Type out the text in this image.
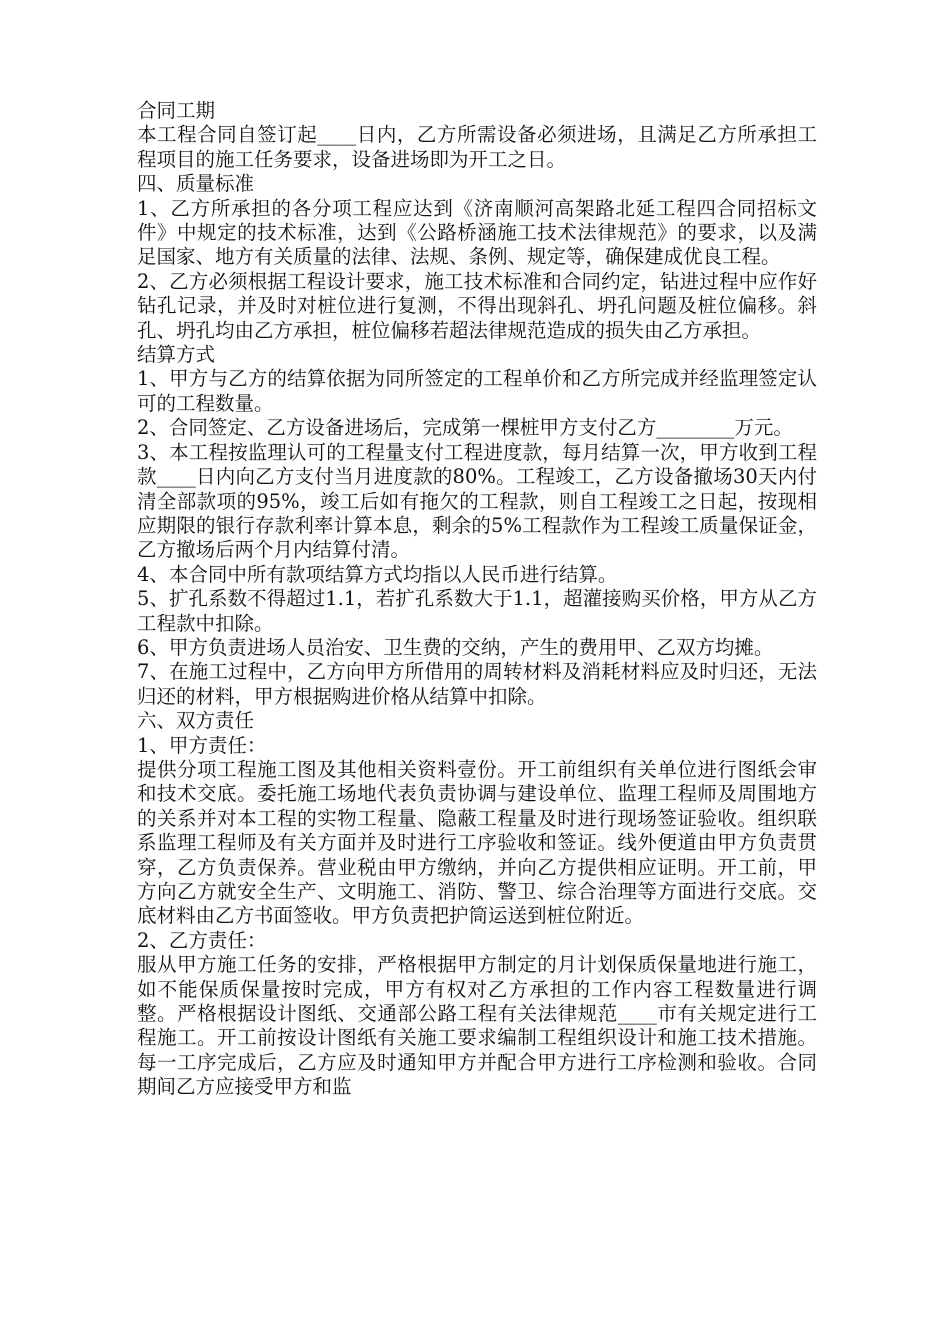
合同工期

本工程合同自签订起____日内，乙方所需设备必须进场，且满足乙方所承担工程项目的施工任务要求，设备进场即为开工之日。

四、质量标准

1、乙方所承担的各分项工程应达到《济南顺河高架路北延工程四合同招标文件》中规定的技术标准，达到《公路桥涵施工技术法律规范》的要求，以及满足国家、地方有关质量的法律、法规、条例、规定等，确保建成优良工程。

2、乙方必须根据工程设计要求，施工技术标准和合同约定，钻进过程中应作好钻孔记录，并及时对桩位进行复测，不得出现斜孔、坍孔问题及桩位偏移。斜孔、坍孔均由乙方承担，桩位偏移若超法律规范造成的损失由乙方承担。

结算方式

1、甲方与乙方的结算依据为同所签定的工程单价和乙方所完成并经监理签定认可的工程数量。

2、合同签定、乙方设备进场后，完成第一棵桩甲方支付乙方________万元。

3、本工程按监理认可的工程量支付工程进度款，每月结算一次，甲方收到工程款____日内向乙方支付当月进度款的80%。工程竣工，乙方设备撤场30天内付清全部款项的95%，竣工后如有拖欠的工程款，则自工程竣工之日起，按现相应期限的银行存款利率计算本息，剩余的5%工程款作为工程竣工质量保证金，乙方撤场后两个月内结算付清。

4、本合同中所有款项结算方式均指以人民币进行结算。

5、扩孔系数不得超过1.1，若扩孔系数大于1.1，超灌接购买价格，甲方从乙方工程款中扣除。

6、甲方负责进场人员治安、卫生费的交纳，产生的费用甲、乙双方均摊。

7、在施工过程中，乙方向甲方所借用的周转材料及消耗材料应及时归还，无法归还的材料，甲方根据购进价格从结算中扣除。

六、双方责任
1、甲方责任：

提供分项工程施工图及其他相关资料壹份。开工前组织有关单位进行图纸会审和技术交底。委托施工场地代表负责协调与建设单位、监理工程师及周围地方的关系并对本工程的实物工程量、隐蔽工程量及时进行现场签证验收。组织联系监理工程师及有关方面并及时进行工序验收和签证。线外便道由甲方负责贯穿，乙方负责保养。营业税由甲方缴纳，并向乙方提供相应证明。开工前，甲方向乙方就安全生产、文明施工、消防、警卫、综合治理等方面进行交底。交底材料由乙方书面签收。甲方负责把护筒运送到桩位附近。

2、乙方责任：

服从甲方施工任务的安排，严格根据甲方制定的月计划保质保量地进行施工，如不能保质保量按时完成，甲方有权对乙方承担的工作内容工程数量进行调整。严格根据设计图纸、交通部公路工程有关法律规范____市有关规定进行工程施工。开工前按设计图纸有关施工要求编制工程组织设计和施工技术措施。每一工序完成后，乙方应及时通知甲方并配合甲方进行工序检测和验收。合同期间乙方应接受甲方和监
